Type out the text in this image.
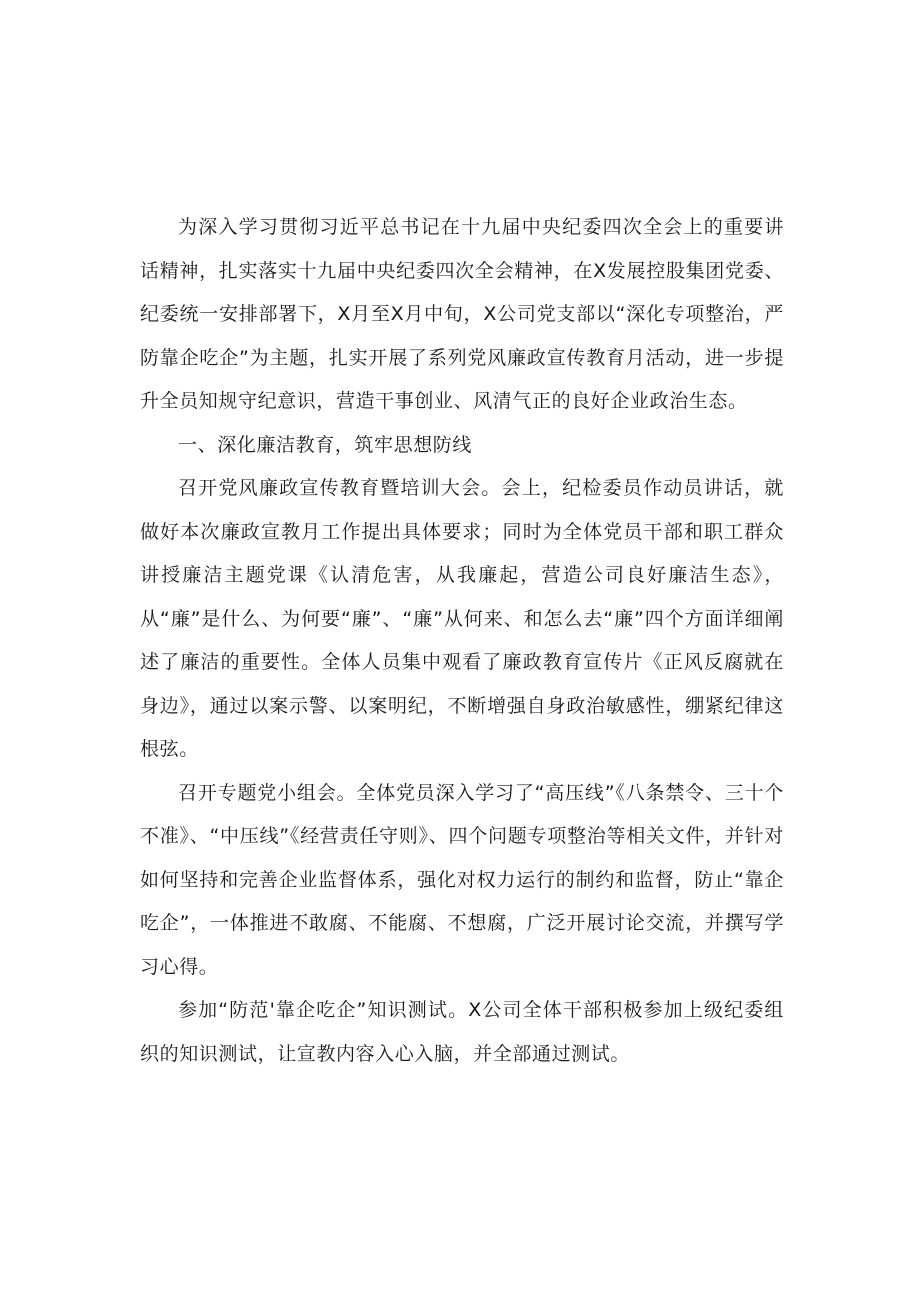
为深入学习贯彻习近平总书记在十九届中央纪委四次全会上的重要讲话精神，扎实落实十九届中央纪委四次全会精神，在X发展控股集团党委、纪委统一安排部署下，X月至X月中旬，X公司党支部以“深化专项整治，严防靠企吃企”为主题，扎实开展了系列党风廉政宣传教育月活动，进一步提升全员知规守纪意识，营造干事创业、风清气正的良好企业政治生态。

一、深化廉洁教育，筑牢思想防线

召开党风廉政宣传教育暨培训大会。会上，纪检委员作动员讲话，就做好本次廉政宣教月工作提出具体要求；同时为全体党员干部和职工群众讲授廉洁主题党课《认清危害，从我廉起，营造公司良好廉洁生态》，从“廉”是什么、为何要“廉”、“廉”从何来、和怎么去“廉”四个方面详细阐述了廉洁的重要性。全体人员集中观看了廉政教育宣传片《正风反腐就在身边》，通过以案示警、以案明纪，不断增强自身政治敏感性，绷紧纪律这根弦。

召开专题党小组会。全体党员深入学习了“高压线”《八条禁令、三十个不准》、“中压线”《经营责任守则》、四个问题专项整治等相关文件，并针对如何坚持和完善企业监督体系，强化对权力运行的制约和监督，防止“靠企吃企”，一体推进不敢腐、不能腐、不想腐，广泛开展讨论交流，并撰写学习心得。

参加“防范'靠企吃企”知识测试。X公司全体干部积极参加上级纪委组织的知识测试，让宣教内容入心入脑，并全部通过测试。
